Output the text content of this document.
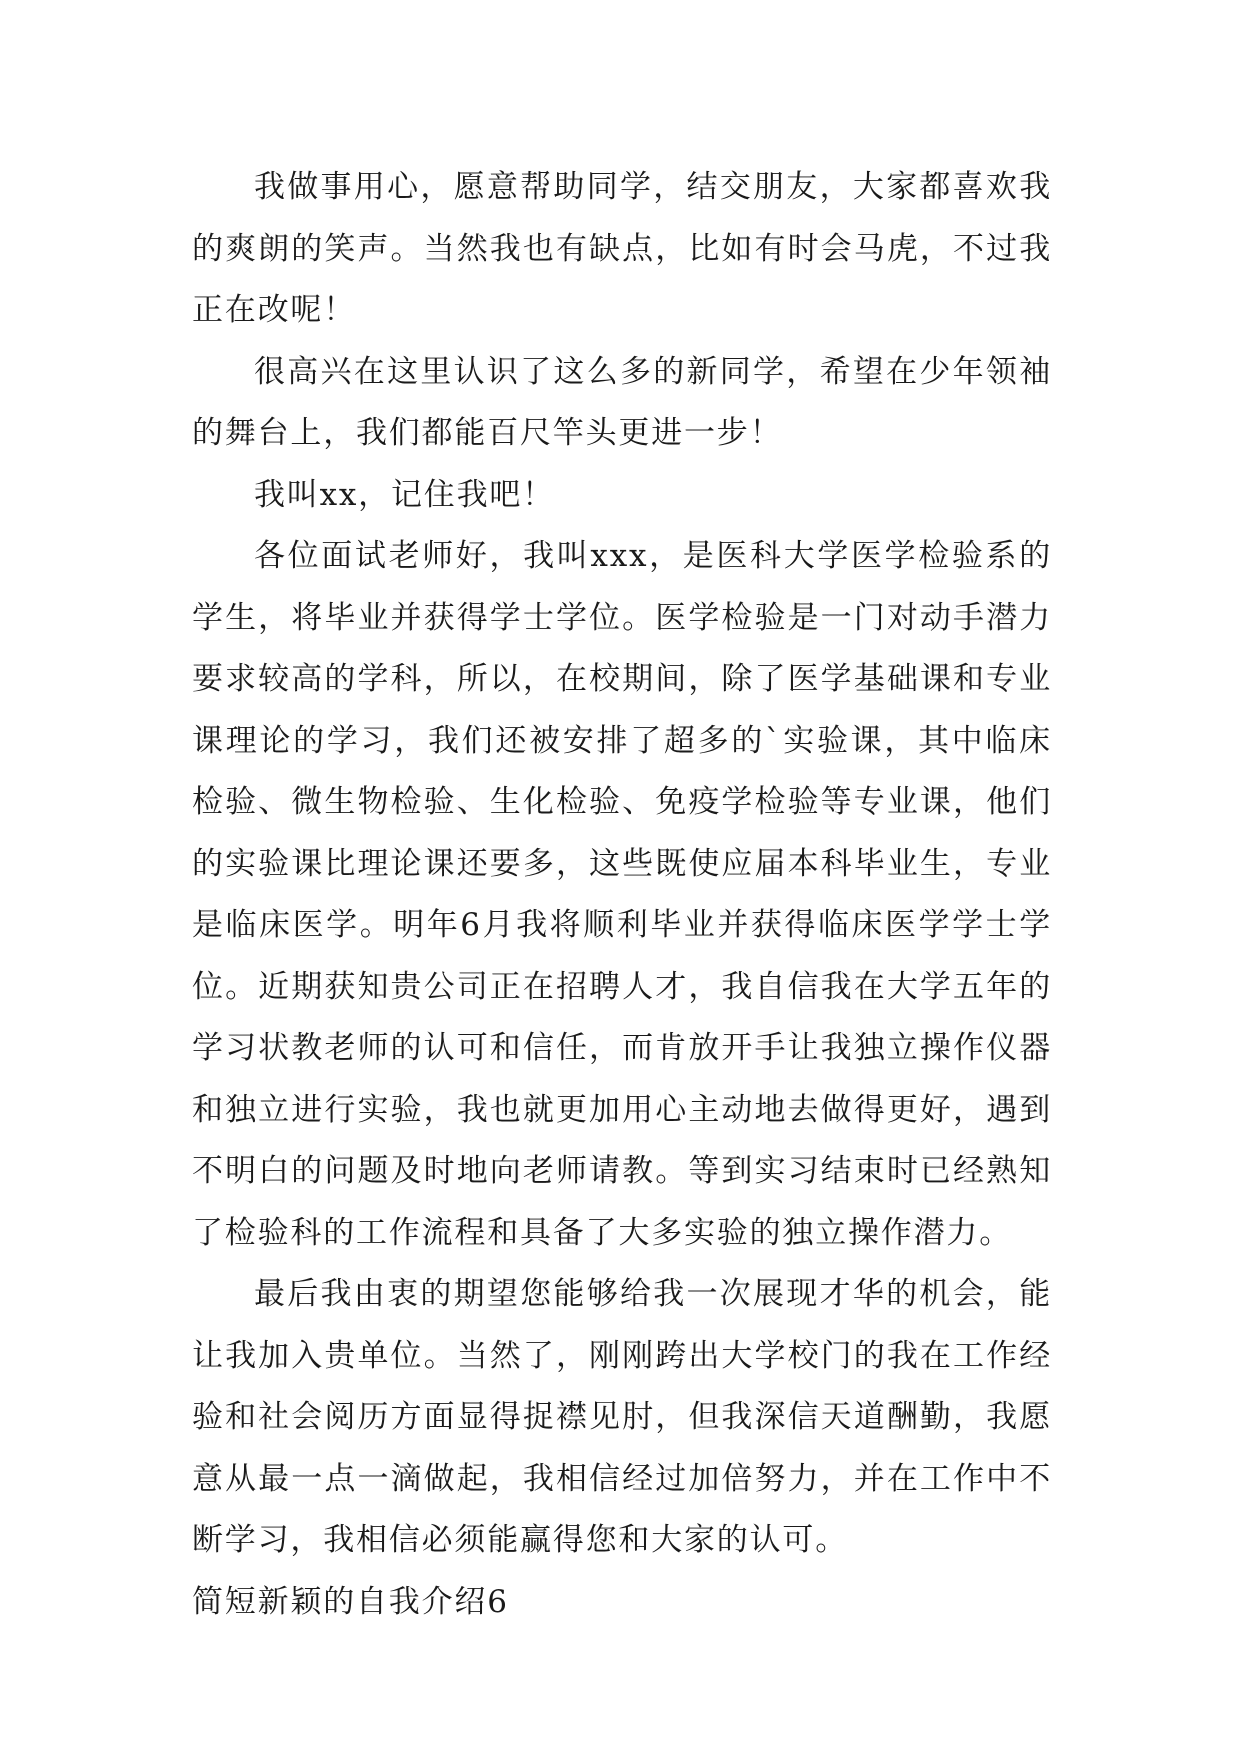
我做事用心，愿意帮助同学，结交朋友，大家都喜欢我的爽朗的笑声。当然我也有缺点，比如有时会马虎，不过我正在改呢！

很高兴在这里认识了这么多的新同学，希望在少年领袖的舞台上，我们都能百尺竿头更进一步！

我叫xx，记住我吧！

各位面试老师好，我叫xxx，是医科大学医学检验系的学生，将毕业并获得学士学位。医学检验是一门对动手潜力要求较高的学科，所以，在校期间，除了医学基础课和专业课理论的学习，我们还被安排了超多的`实验课，其中临床检验、微生物检验、生化检验、免疫学检验等专业课，他们的实验课比理论课还要多，这些既使应届本科毕业生，专业是临床医学。明年6月我将顺利毕业并获得临床医学学士学位。近期获知贵公司正在招聘人才，我自信我在大学五年的学习状教老师的认可和信任，而肯放开手让我独立操作仪器和独立进行实验，我也就更加用心主动地去做得更好，遇到不明白的问题及时地向老师请教。等到实习结束时已经熟知了检验科的工作流程和具备了大多实验的独立操作潜力。

最后我由衷的期望您能够给我一次展现才华的机会，能让我加入贵单位。当然了，刚刚跨出大学校门的我在工作经验和社会阅历方面显得捉襟见肘，但我深信天道酬勤，我愿意从最一点一滴做起，我相信经过加倍努力，并在工作中不断学习，我相信必须能赢得您和大家的认可。

简短新颖的自我介绍6
